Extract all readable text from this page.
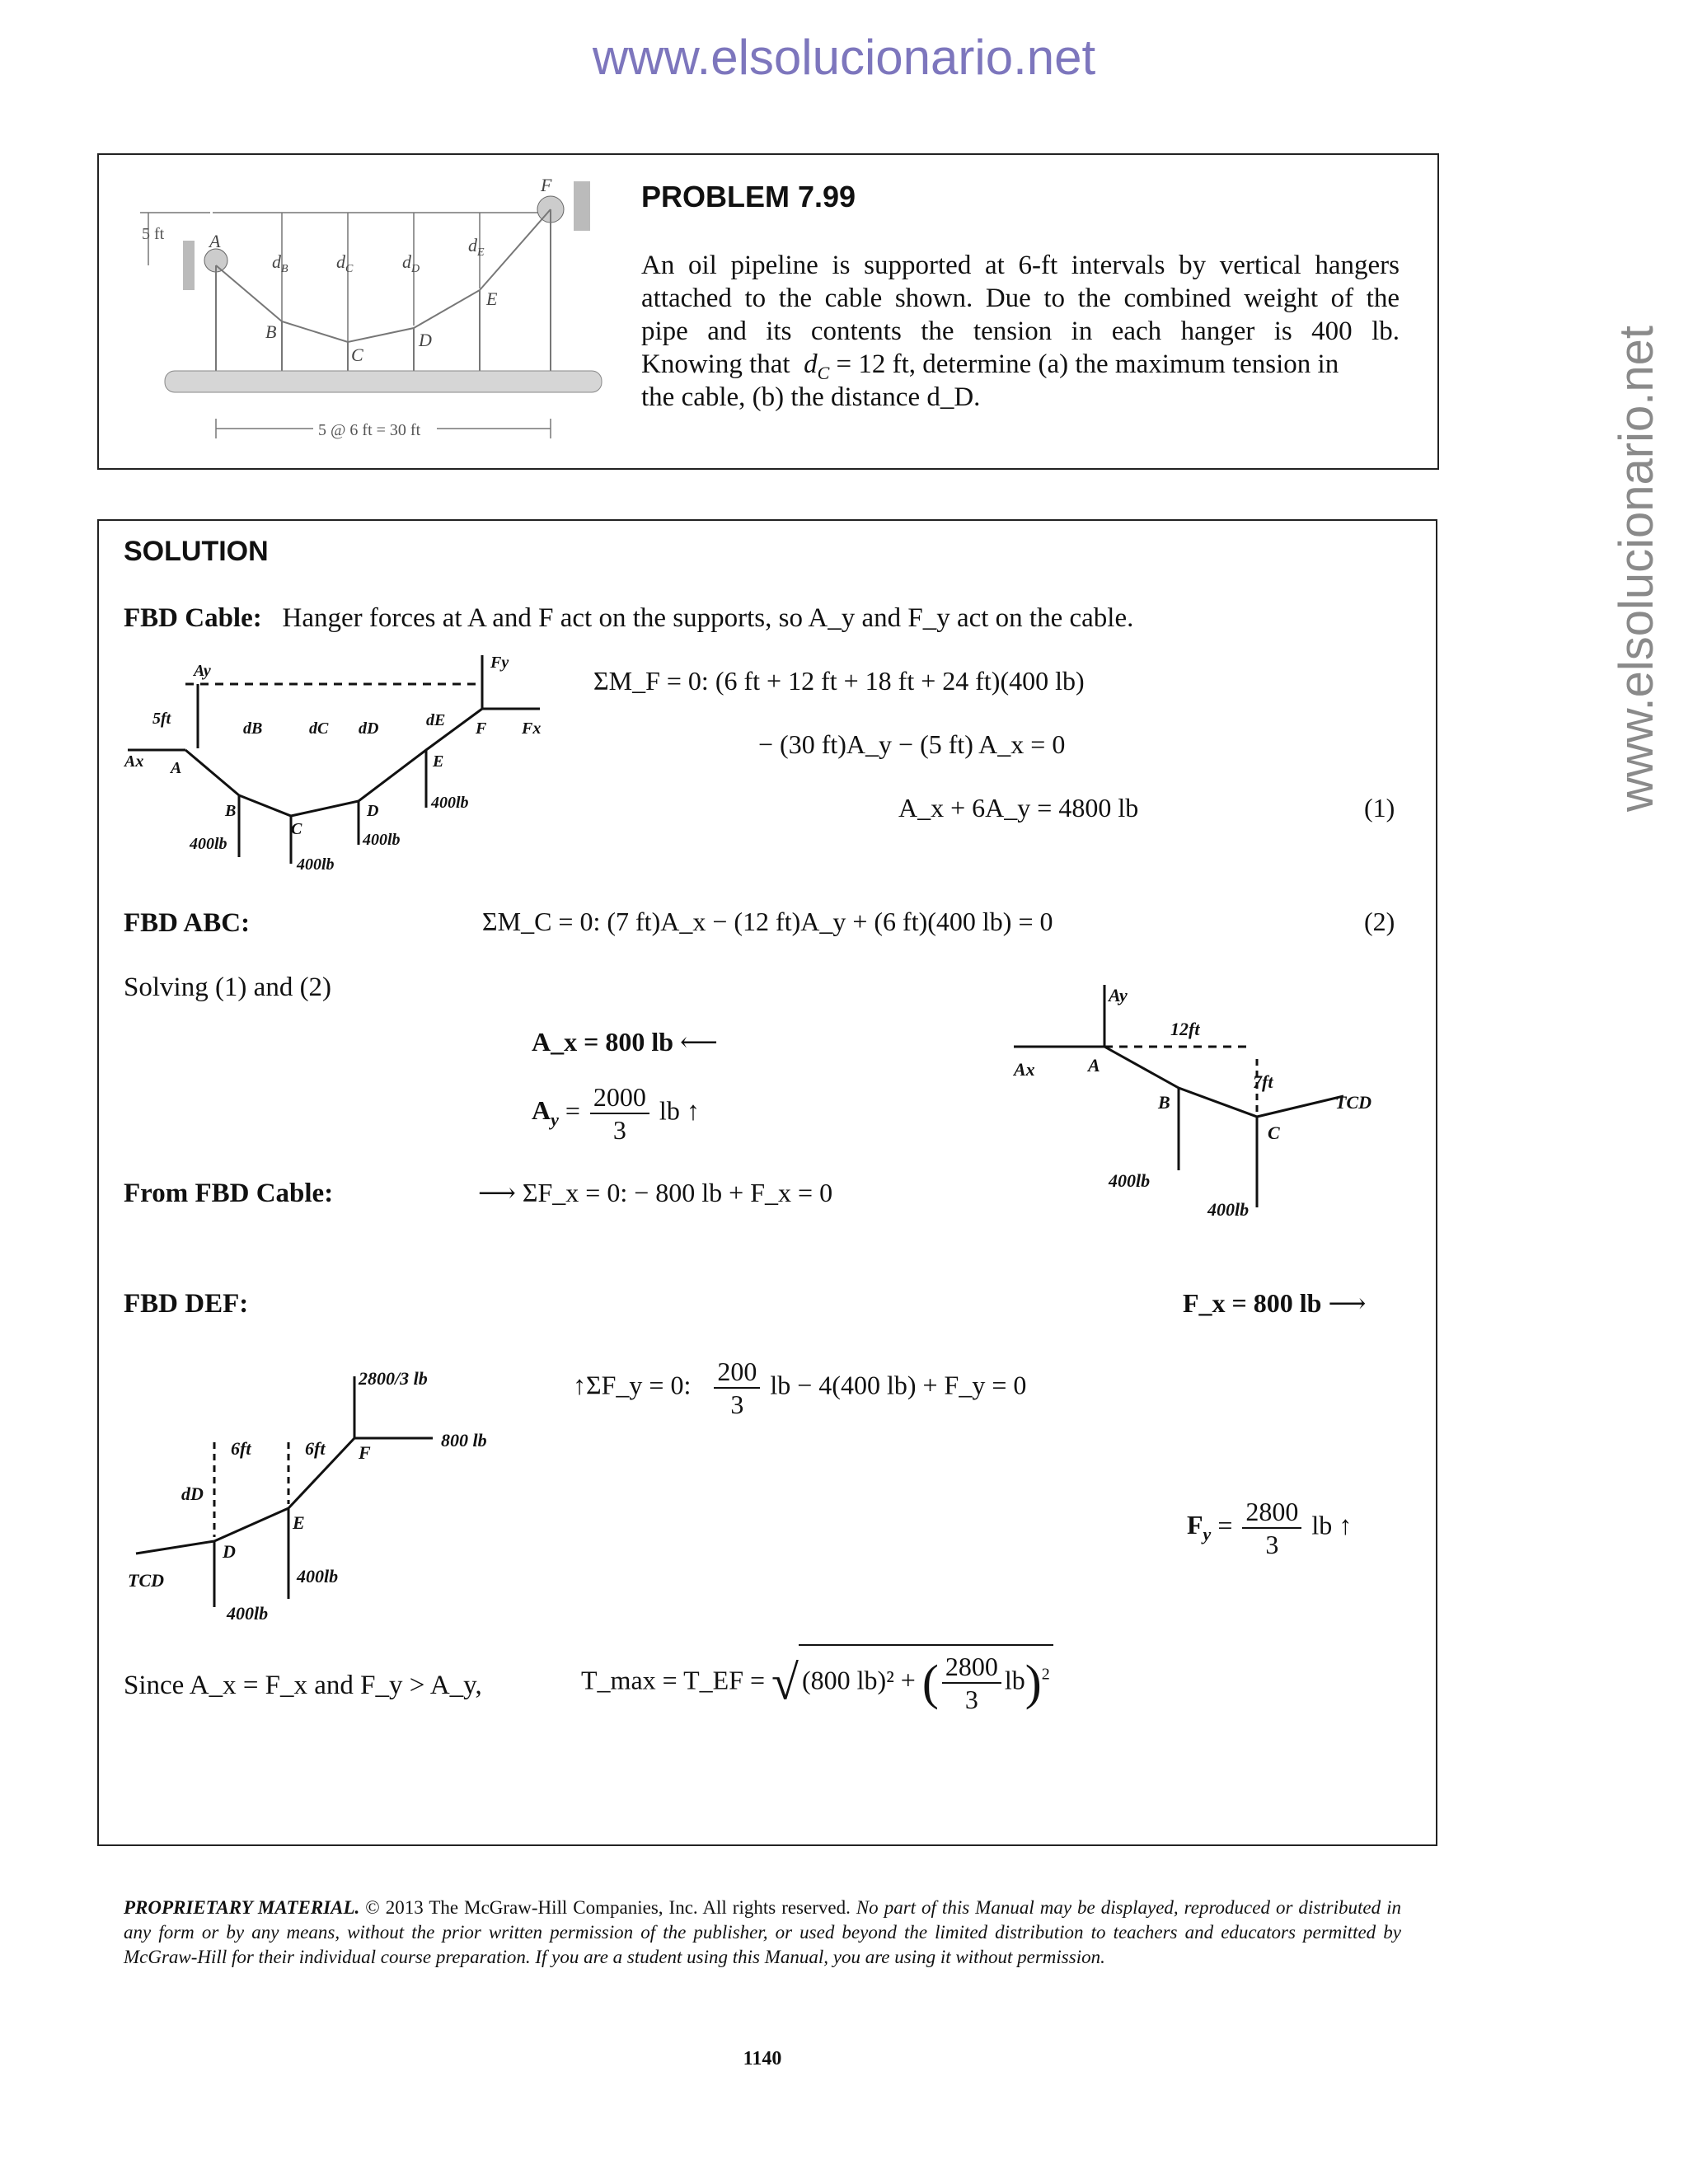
www.elsolucionario.net
www.elsolucionario.net
5 ft A
B
C
D
E
F
$d_B$	$d_C$	$d_D$
$d_E$
5 @ 6 ft = 30 ft
PROBLEM 7.99
An oil pipeline is supported at 6-ft intervals by vertical hangers
attached to the cable shown. Due to the combined weight of the
pipe and its contents the tension in each hanger is 400 lb.
Knowing that  $d_C = 12$ ft, determine (a) the maximum tension in
the cable, (b) the distance d_D.
SOLUTION
FBD Cable: Hanger forces at A and F act on the supports, so A_y and F_y act on the cable.
Ay
Ax
5ft
A
B
C
D
E
F
Fy
Fx
dB	dC dD	dE
400lb
400lb
400lb
400lb
ΣM_F = 0: (6 ft + 12 ft + 18 ft + 24 ft)(400 lb)
− (30 ft)A_y − (5 ft) A_x = 0
A_x + 6A_y = 4800 lb	(1)
FBD ABC:	ΣM_C = 0: (7 ft)A_x − (12 ft)A_y + (6 ft)(400 lb) = 0	(2)
Solving (1) and (2)
A_x = 800 lb ⟵
$A_y = \frac{2000}{3}$ lb ↑
Ay
Ax	A
12ft
7ft
B
C
TCD
400lb
400lb
From FBD Cable:	⟶ ΣF_x = 0: − 800 lb + F_x = 0
FBD DEF:	F_x = 800 lb ⟶
2800/3 lb
800 lb
6ft	6ft
dD
D
E
F
TCD	400lb
400lb
↑ΣF_y = 0: $\frac{200}{3}$ lb − 4(400 lb) + F_y = 0
$F_y = \frac{2800}{3}$ lb ↑
Since A_x = F_x and F_y > A_y,	T_max = T_EF = √ (800 lb)² + ( $\frac{2800}{3} lb)^2$
PROPRIETARY MATERIAL. © 2013 The McGraw-Hill Companies, Inc. All rights reserved. No part of this Manual may be displayed, reproduced or distributed in any form or by any means, without the prior written permission of the publisher, or used beyond the limited distribution to teachers and educators permitted by McGraw-Hill for their individual course preparation. If you are a student using this Manual, you are using it without permission.
1140
